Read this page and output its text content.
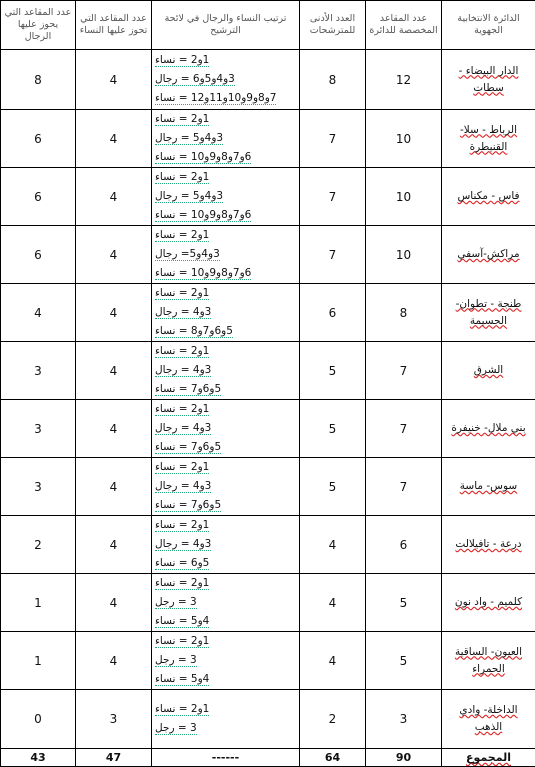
عدد المقاعد التي يحوز عليها الرجال	عدد المقاعد التي تحوز عليها النساء	ترتيب النساء والرجال في لائحة الترشيح	العدد الأدنى للمترشحات	عدد المقاعد المخصصة للدائرة	الدائرة الانتخابية الجهوية
8	4	1و2 = نساء
3و4و5و6 = رجال
7و8و9و10و11و12 = نساء	8	12	الدار البيضاء - سطات
6	4	1و2 = نساء
3و4و5 = رجال
6و7و8و9و10 = نساء	7	10	الرباط - سلا- القنيطرة
6	4	1و2 = نساء
3و4و5 = رجال
6و7و8و9و10 = نساء	7	10	فاس - مكناس
6	4	1و2 = نساء
3و4و5= رجال
6و7و8و9و10 = نساء	7	10	مراكش-آسفي
4	4	1و2 = نساء
3و4 = رجال
5و6و7و8 = نساء	6	8	طنجة - تطوان- الحسيمة
3	4	1و2 = نساء
3و4 = رجال
5و6و7 = نساء	5	7	الشرق
3	4	1و2 = نساء
3و4 = رجال
5و6و7 = نساء	5	7	بني ملال- خنيفرة
3	4	1و2 = نساء
3و4 = رجال
5و6و7 = نساء	5	7	سوس- ماسة
2	4	1و2 = نساء
3و4 = رجال
5و6 = نساء	4	6	درعة - تافيلالت
1	4	1و2 = نساء
3 = رجل
4و5 = نساء	4	5	كلميم - واد نون
1	4	1و2 = نساء
3 = رجل
4و5 = نساء	4	5	العيون- الساقية الحمراء
0	3	1و2 = نساء
3 = رجل	2	3	الداخلة- وادي الذهب
43	47	------	64	90	المجموع
